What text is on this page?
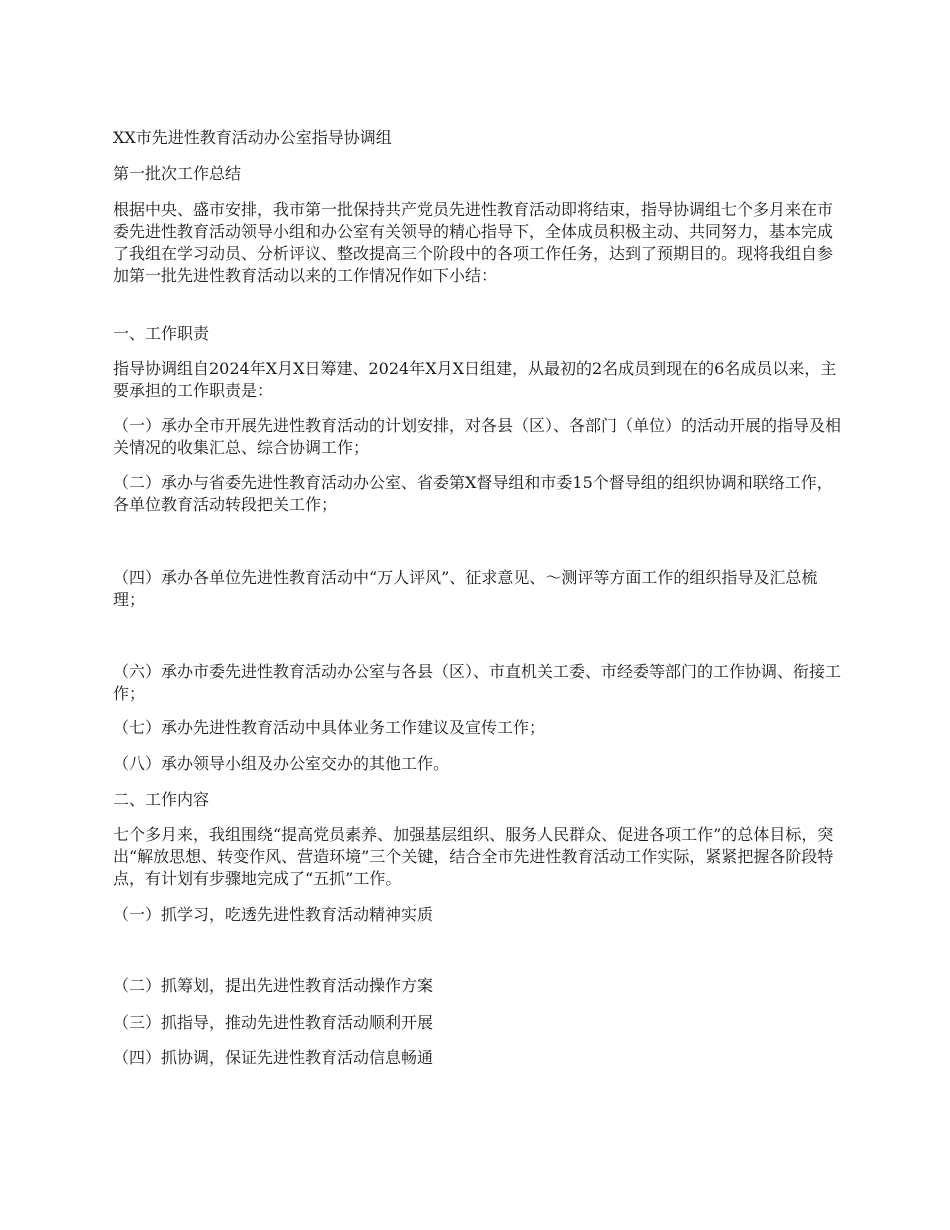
XX市先进性教育活动办公室指导协调组

第一批次工作总结

根据中央、盛市安排，我市第一批保持共产党员先进性教育活动即将结束，指导协调组七个多月来在市委先进性教育活动领导小组和办公室有关领导的精心指导下，全体成员积极主动、共同努力，基本完成了我组在学习动员、分析评议、整改提高三个阶段中的各项工作任务，达到了预期目的。现将我组自参加第一批先进性教育活动以来的工作情况作如下小结：

一、工作职责

指导协调组自2024年X月X日筹建、2024年X月X日组建，从最初的2名成员到现在的6名成员以来，主要承担的工作职责是：

（一）承办全市开展先进性教育活动的计划安排，对各县（区）、各部门（单位）的活动开展的指导及相关情况的收集汇总、综合协调工作；

（二）承办与省委先进性教育活动办公室、省委第X督导组和市委15个督导组的组织协调和联络工作，各单位教育活动转段把关工作；

（四）承办各单位先进性教育活动中“万人评风”、征求意见、～测评等方面工作的组织指导及汇总梳理；

（六）承办市委先进性教育活动办公室与各县（区）、市直机关工委、市经委等部门的工作协调、衔接工作；

（七）承办先进性教育活动中具体业务工作建议及宣传工作；

（八）承办领导小组及办公室交办的其他工作。

二、工作内容

七个多月来，我组围绕“提高党员素养、加强基层组织、服务人民群众、促进各项工作”的总体目标，突出“解放思想、转变作风、营造环境”三个关键，结合全市先进性教育活动工作实际，紧紧把握各阶段特点，有计划有步骤地完成了“五抓”工作。

（一）抓学习，吃透先进性教育活动精神实质

（二）抓筹划，提出先进性教育活动操作方案

（三）抓指导，推动先进性教育活动顺利开展

（四）抓协调，保证先进性教育活动信息畅通
